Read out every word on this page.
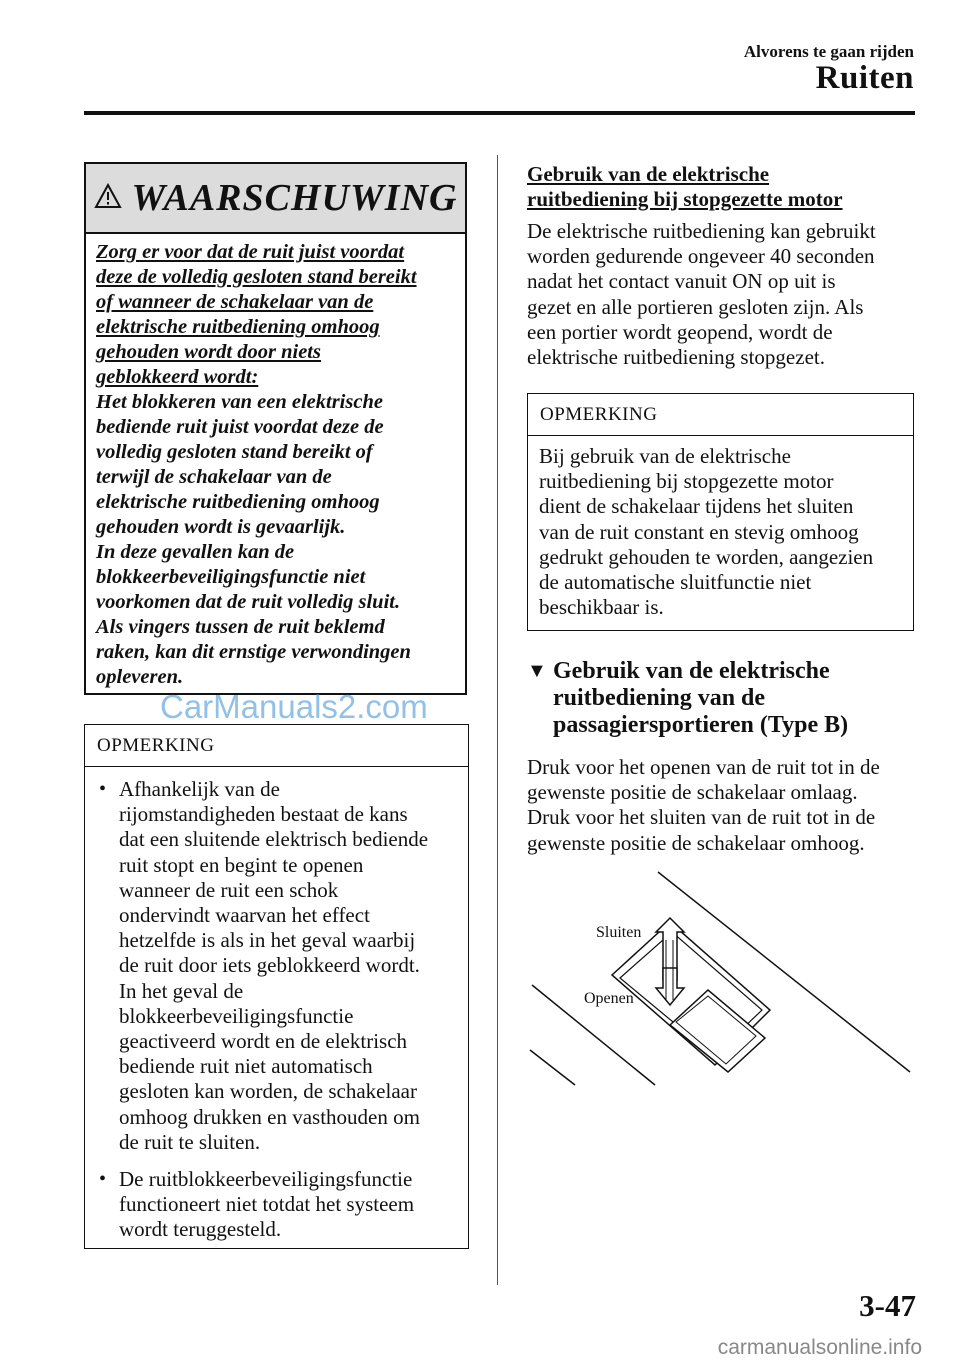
Alvorens te gaan rijden
Ruiten
WAARSCHUWING
Zorg er voor dat de ruit juist voordat
deze de volledig gesloten stand bereikt
of wanneer de schakelaar van de
elektrische ruitbediening omhoog
gehouden wordt door niets
geblokkeerd wordt:
Het blokkeren van een elektrische
bediende ruit juist voordat deze de
volledig gesloten stand bereikt of
terwijl de schakelaar van de
elektrische ruitbediening omhoog
gehouden wordt is gevaarlijk.
In deze gevallen kan de
blokkeerbeveiligingsfunctie niet
voorkomen dat de ruit volledig sluit.
Als vingers tussen de ruit beklemd
raken, kan dit ernstige verwondingen
opleveren.
CarManuals2.com
OPMERKING
• Afhankelijk van de
rijomstandigheden bestaat de kans
dat een sluitende elektrisch bediende
ruit stopt en begint te openen
wanneer de ruit een schok
ondervindt waarvan het effect
hetzelfde is als in het geval waarbij
de ruit door iets geblokkeerd wordt.
In het geval de
blokkeerbeveiligingsfunctie
geactiveerd wordt en de elektrisch
bediende ruit niet automatisch
gesloten kan worden, de schakelaar
omhoog drukken en vasthouden om
de ruit te sluiten.
• De ruitblokkeerbeveiligingsfunctie
functioneert niet totdat het systeem
wordt teruggesteld.
Gebruik van de elektrische
ruitbediening bij stopgezette motor
De elektrische ruitbediening kan gebruikt
worden gedurende ongeveer 40 seconden
nadat het contact vanuit ON op uit is
gezet en alle portieren gesloten zijn. Als
een portier wordt geopend, wordt de
elektrische ruitbediening stopgezet.
OPMERKING
Bij gebruik van de elektrische
ruitbediening bij stopgezette motor
dient de schakelaar tijdens het sluiten
van de ruit constant en stevig omhoog
gedrukt gehouden te worden, aangezien
de automatische sluitfunctie niet
beschikbaar is.
▼ Gebruik van de elektrische
ruitbediening van de
passagiersportieren (Type B)
Druk voor het openen van de ruit tot in de
gewenste positie de schakelaar omlaag.
Druk voor het sluiten van de ruit tot in de
gewenste positie de schakelaar omhoog.
Sluiten
Openen
3-47
carmanualsonline.info
